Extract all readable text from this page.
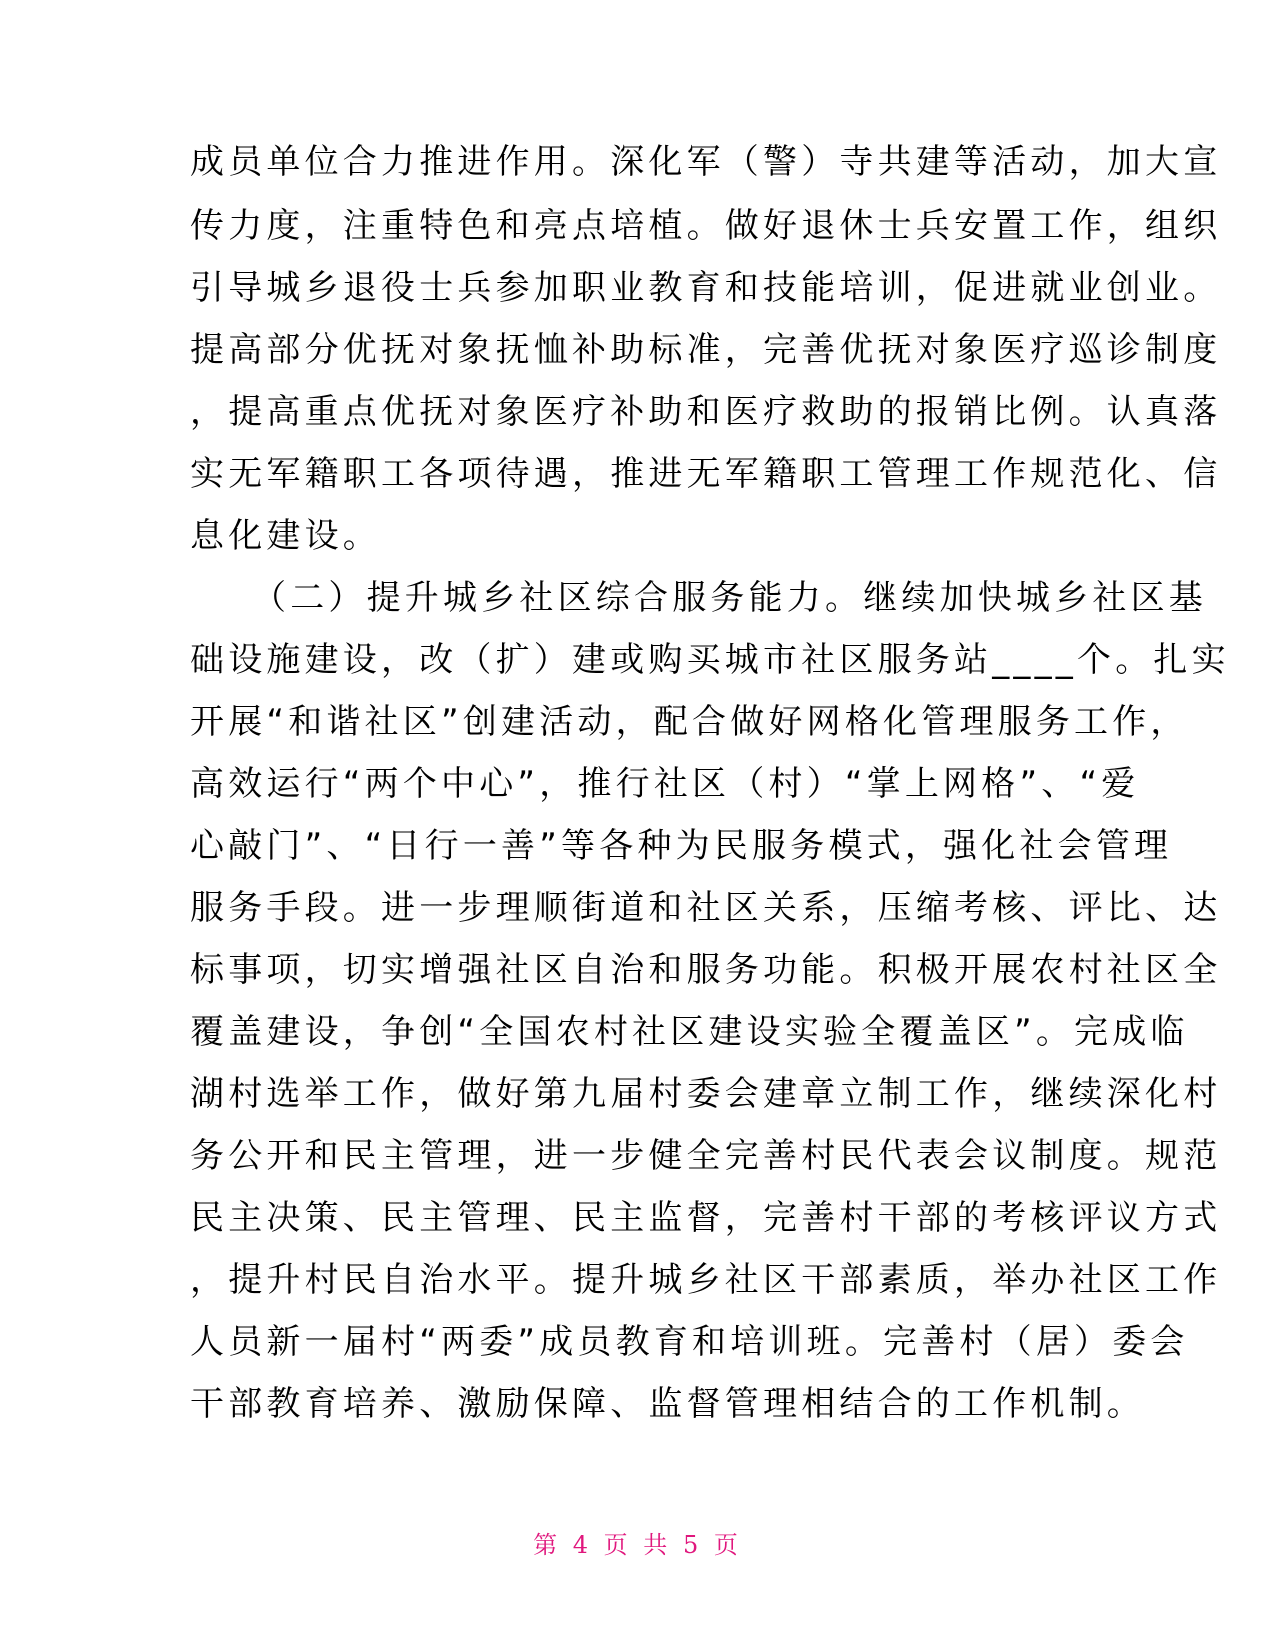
成员单位合力推进作用。深化军（警）寺共建等活动，加大宣
传力度，注重特色和亮点培植。做好退休士兵安置工作，组织
引导城乡退役士兵参加职业教育和技能培训，促进就业创业。
提高部分优抚对象抚恤补助标准，完善优抚对象医疗巡诊制度
，提高重点优抚对象医疗补助和医疗救助的报销比例。认真落
实无军籍职工各项待遇，推进无军籍职工管理工作规范化、信
息化建设。
（二）提升城乡社区综合服务能力。继续加快城乡社区基
础设施建设，改（扩）建或购买城市社区服务站____个。扎实
开展“和谐社区”创建活动，配合做好网格化管理服务工作，
高效运行“两个中心”，推行社区（村）“掌上网格”、“爱
心敲门”、“日行一善”等各种为民服务模式，强化社会管理
服务手段。进一步理顺街道和社区关系，压缩考核、评比、达
标事项，切实增强社区自治和服务功能。积极开展农村社区全
覆盖建设，争创“全国农村社区建设实验全覆盖区”。完成临
湖村选举工作，做好第九届村委会建章立制工作，继续深化村
务公开和民主管理，进一步健全完善村民代表会议制度。规范
民主决策、民主管理、民主监督，完善村干部的考核评议方式
，提升村民自治水平。提升城乡社区干部素质，举办社区工作
人员新一届村“两委”成员教育和培训班。完善村（居）委会
干部教育培养、激励保障、监督管理相结合的工作机制。
第 4 页 共 5 页
